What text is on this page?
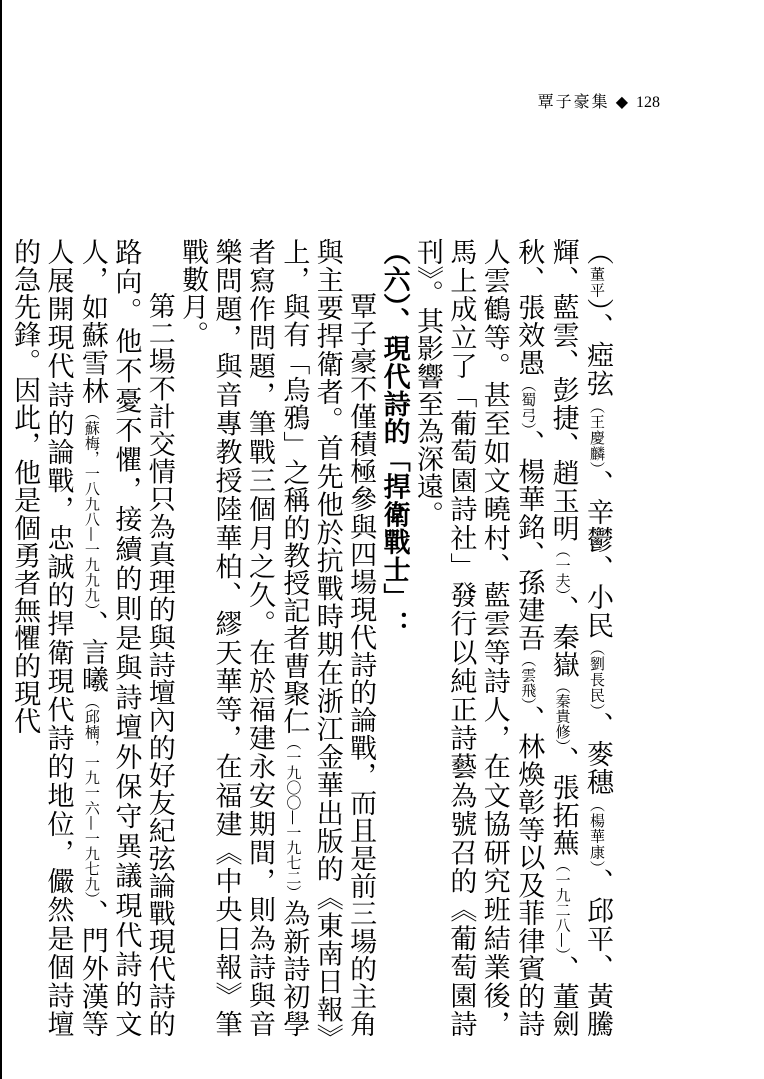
覃子豪集 ◆ 128

（董平）、瘂弦（王慶麟）、辛鬱、小民（劉長民）、麥穗（楊華康）、邱平、黃騰輝、藍雲、彭捷、趙玉明（一夫）、秦嶽（秦貴修）、張拓蕪（一九二八—）、董劍秋、張效愚（蜀弓）、楊華銘、孫建吾（雲飛）、林煥彰等以及菲律賓的詩人雲鶴等。甚至如文曉村、藍雲等詩人，在文協研究班結業後，馬上成立了「葡萄園詩社」發行以純正詩藝為號召的《葡萄園詩刊》。其影響至為深遠。

（六）、現代詩的「捍衛戰士」：

覃子豪不僅積極參與四場現代詩的論戰，而且是前三場的主角與主要捍衛者。首先他於抗戰時期在浙江金華出版的《東南日報》上，與有「烏鴉」之稱的教授記者曹聚仁（一九〇〇—一九七二）為新詩初學者寫作問題，筆戰三個月之久。在於福建永安期間，則為詩與音樂問題，與音專教授陸華柏、繆天華等，在福建《中央日報》筆戰數月。

第二場不計交情只為真理的與詩壇內的好友紀弦論戰現代詩的路向。他不憂不懼，接續的則是與詩壇外保守異議現代詩的文人，如蘇雪林（蘇梅，一八九八—一九九九）、言曦（邱楠，一九一六—一九七九）、門外漢等人展開現代詩的論戰，忠誠的捍衛現代詩的地位，儼然是個詩壇的急先鋒。因此，他是個勇者無懼的現代
